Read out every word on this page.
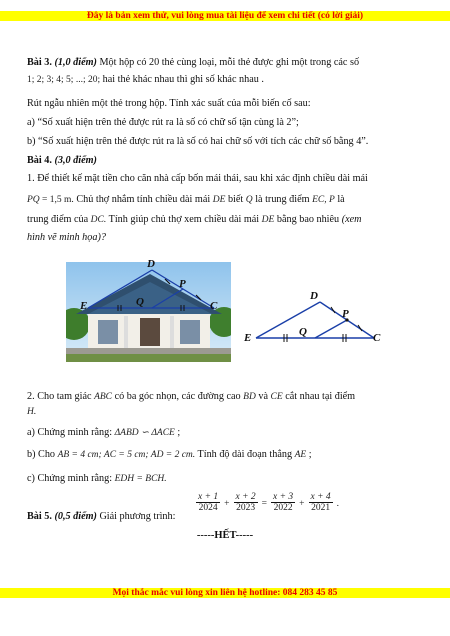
Đây là bản xem thử, vui lòng mua tài liệu để xem chi tiết (có lời giải)
Bài 3. (1,0 điểm) Một hộp có 20 thẻ cùng loại, mỗi thẻ được ghi một trong các số
1; 2; 3; 4; 5; ...; 20; hai thẻ khác nhau thì ghi số khác nhau .
Rút ngẫu nhiên một thẻ trong hộp. Tính xác suất của mỗi biến cố sau:
a) “Số xuất hiện trên thẻ được rút ra là số có chữ số tận cùng là 2”;
b) “Số xuất hiện trên thẻ được rút ra là số có hai chữ số với tích các chữ số bằng 4”.
Bài 4. (3,0 điểm)
1. Để thiết kế mặt tiền cho căn nhà cấp bốn mái thái, sau khi xác định chiều dài mái
PQ = 1,5 m. Chủ thợ nhắm tính chiều dài mái DE biết Q là trung điểm EC, P là
trung điểm của DC. Tính giúp chủ thợ xem chiều dài mái DE bằng bao nhiêu (xem
hình vẽ minh họa)?
D
P
E	Q	C
D
P
E	Q	C
2. Cho tam giác ABC có ba góc nhọn, các đường cao BD và CE cắt nhau tại điểm
H.
a) Chứng minh rằng: ΔABD ∽ ΔACE ;
b) Cho AB = 4 cm; AC = 5 cm; AD = 2 cm. Tính độ dài đoạn thẳng AE ;
c) Chứng minh rằng: EDH = BCH.
Bài 5. (0,5 điểm) Giải phương trình:
$\frac{x + 1}{2024} + \frac{x + 2}{2023} = \frac{x + 3}{2022} + \frac{x + 4}{2021}$ .
-----HẾT-----
Mọi thắc mắc vui lòng xin liên hệ hotline: 084 283 45 85
